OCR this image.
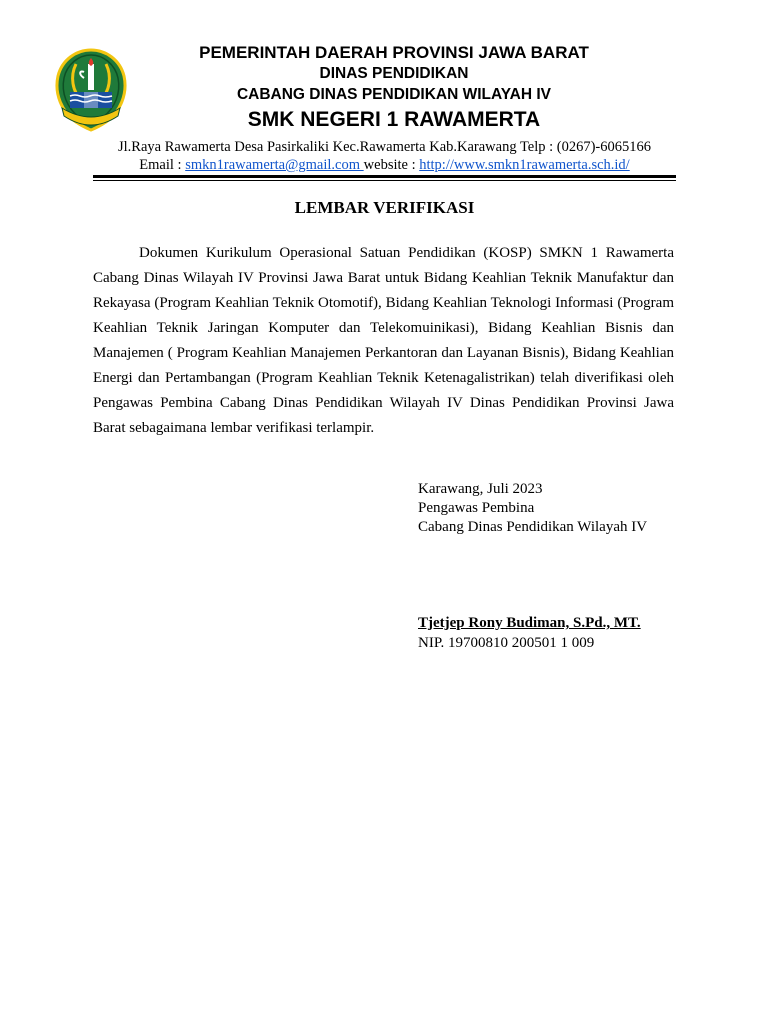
PEMERINTAH DAERAH PROVINSI JAWA BARAT
DINAS PENDIDIKAN
CABANG DINAS PENDIDIKAN WILAYAH IV
SMK NEGERI 1 RAWAMERTA
Jl.Raya Rawamerta Desa Pasirkaliki Kec.Rawamerta Kab.Karawang Telp : (0267)-6065166
Email : smkn1rawamerta@gmail.com website : http://www.smkn1rawamerta.sch.id/
LEMBAR VERIFIKASI

Dokumen Kurikulum Operasional Satuan Pendidikan (KOSP) SMKN 1 Rawamerta Cabang Dinas Wilayah IV Provinsi Jawa Barat untuk Bidang Keahlian Teknik Manufaktur dan Rekayasa (Program Keahlian Teknik Otomotif), Bidang Keahlian Teknologi Informasi (Program Keahlian Teknik Jaringan Komputer dan Telekomuinikasi), Bidang Keahlian Bisnis dan Manajemen ( Program Keahlian Manajemen Perkantoran dan Layanan Bisnis), Bidang Keahlian Energi dan Pertambangan (Program Keahlian Teknik Ketenagalistrikan) telah diverifikasi oleh Pengawas Pembina Cabang Dinas Pendidikan Wilayah IV Dinas Pendidikan Provinsi Jawa Barat sebagaimana lembar verifikasi terlampir.

Karawang, Juli 2023
Pengawas Pembina
Cabang Dinas Pendidikan Wilayah IV
Tjetjep Rony Budiman, S.Pd., MT.
NIP. 19700810 200501 1 009
